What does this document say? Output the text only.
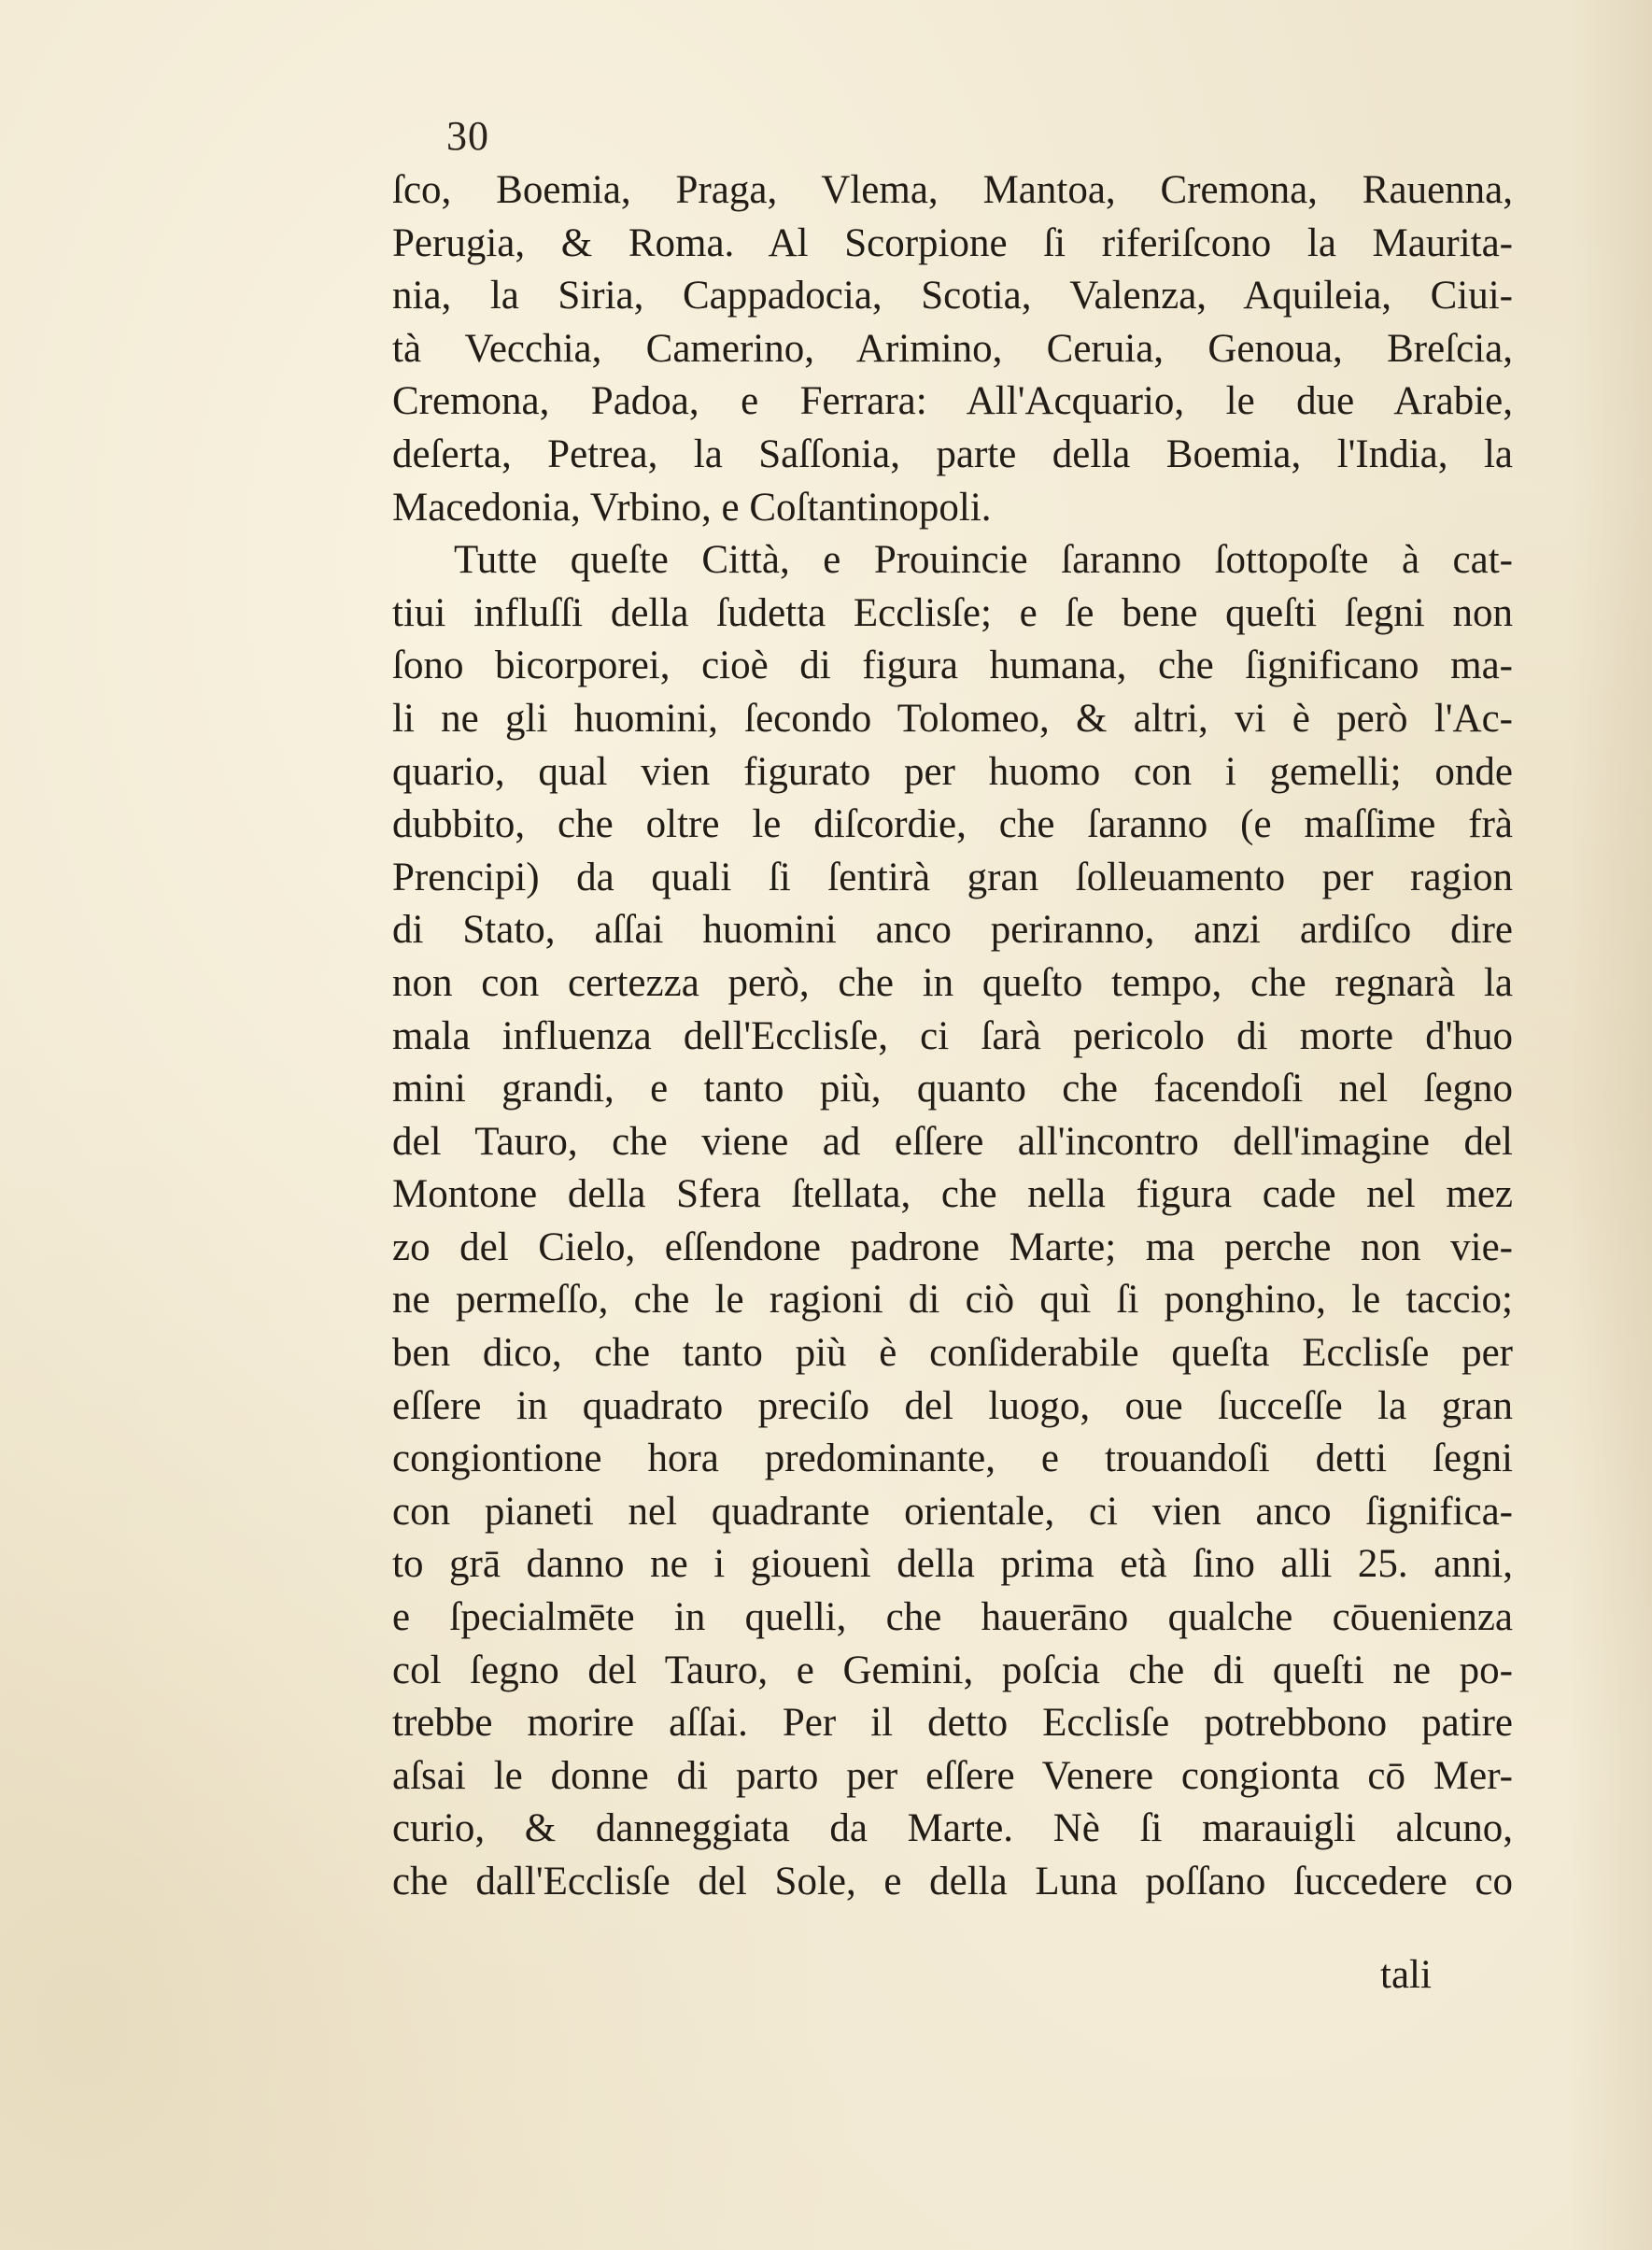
30
ſco, Boemia, Praga, Vlema, Mantoa, Cremona, Rauenna,
Perugia, & Roma. Al Scorpione ſi riferiſcono la Maurita-
nia, la Siria, Cappadocia, Scotia, Valenza, Aquileia, Ciui-
tà Vecchia, Camerino, Arimino, Ceruia, Genoua, Breſcia,
Cremona, Padoa, e Ferrara: All'Acquario, le due Arabie,
deſerta, Petrea, la Saſſonia, parte della Boemia, l'India, la
Macedonia, Vrbino, e Coſtantinopoli.
Tutte queſte Città, e Prouincie ſaranno ſottopoſte à cat-
tiui influſſi della ſudetta Ecclisſe; e ſe bene queſti ſegni non
ſono bicorporei, cioè di figura humana, che ſignificano ma-
li ne gli huomini, ſecondo Tolomeo, & altri, vi è però l'Ac-
quario, qual vien figurato per huomo con i gemelli; onde
dubbito, che oltre le diſcordie, che ſaranno (e maſſime frà
Prencipi) da quali ſi ſentirà gran ſolleuamento per ragion
di Stato, aſſai huomini anco periranno, anzi ardiſco dire
non con certezza però, che in queſto tempo, che regnarà la
mala influenza dell'Ecclisſe, ci ſarà pericolo di morte d'huo
mini grandi, e tanto più, quanto che facendoſi nel ſegno
del Tauro, che viene ad eſſere all'incontro dell'imagine del
Montone della Sfera ſtellata, che nella figura cade nel mez
zo del Cielo, eſſendone padrone Marte; ma perche non vie-
ne permeſſo, che le ragioni di ciò quì ſi ponghino, le taccio;
ben dico, che tanto più è conſiderabile queſta Ecclisſe per
eſſere in quadrato preciſo del luogo, oue ſucceſſe la gran
congiontione hora predominante, e trouandoſi detti ſegni
con pianeti nel quadrante orientale, ci vien anco ſignifica-
to grā danno ne i giouenì della prima età ſino alli 25. anni,
e ſpecialmēte in quelli, che hauerāno qualche cōuenienza
col ſegno del Tauro, e Gemini, poſcia che di queſti ne po-
trebbe morire aſſai. Per il detto Ecclisſe potrebbono patire
aſsai le donne di parto per eſſere Venere congionta cō Mer-
curio, & danneggiata da Marte. Nè ſi marauigli alcuno,
che dall'Ecclisſe del Sole, e della Luna poſſano ſuccedere co
tali
